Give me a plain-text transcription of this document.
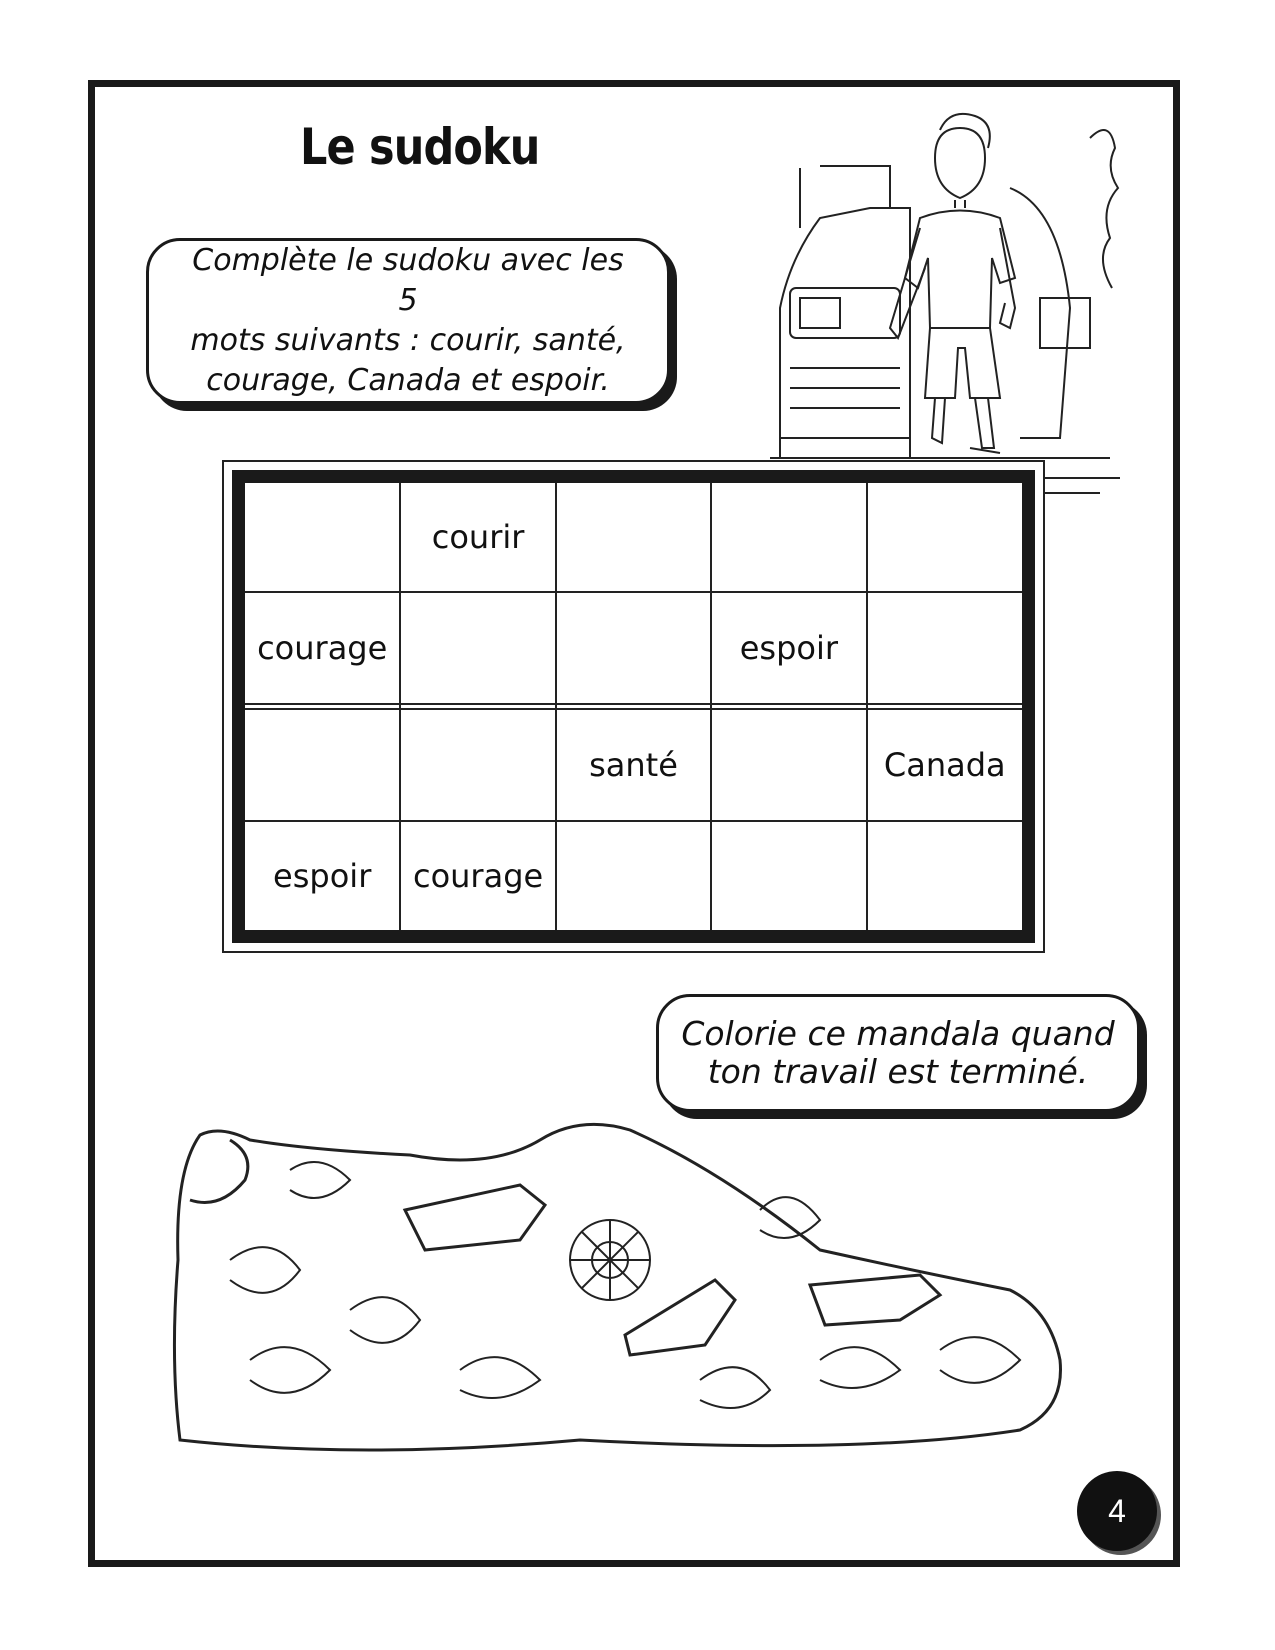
Le sudoku
Complète le sudoku avec les 5
mots suivants : courir, santé,
courage, Canada et espoir.
	courir			
courage			espoir	

		santé		Canada
espoir	courage			
Colorie ce mandala quand
ton travail est terminé.
4
